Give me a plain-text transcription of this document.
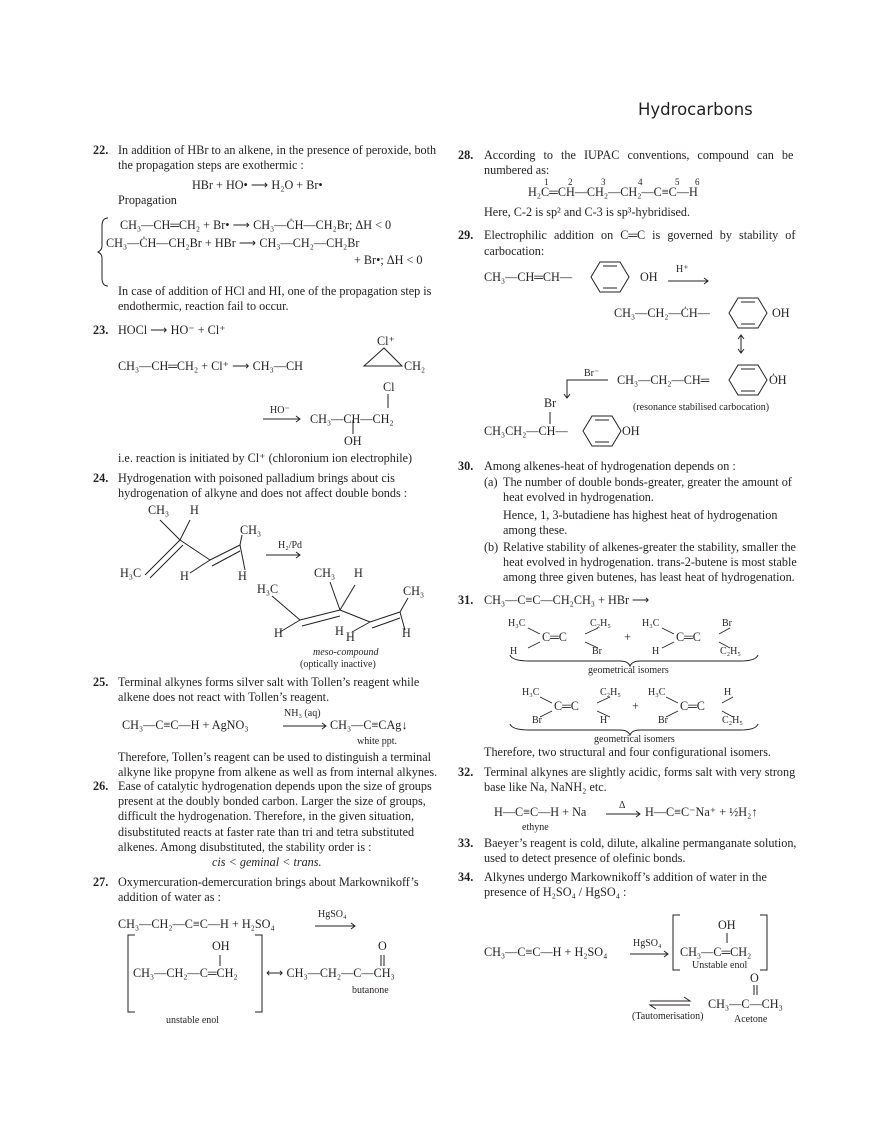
Hydrocarbons
22. In addition of HBr to an alkene, in the presence of peroxide, both
the propagation steps are exothermic :
HBr + HO• ⟶ H₂O + Br•
Propagation
CH₃—CH═CH₂ + Br• ⟶ CH₃—ĊH—CH₂Br; ΔH < 0
CH₃—ĊH—CH₂Br + HBr ⟶ CH₃—CH₂—CH₂Br
+ Br•; ΔH < 0
In case of addition of HCl and HI, one of the propagation step is
endothermic, reaction fail to occur.
23. HOCl ⟶ HO⁻ + Cl⁺
Cl⁺
CH₃—CH═CH₂ + Cl⁺ ⟶ CH₃—CH	CH₂
Cl
HO⁻
CH₃—CH—CH₂
OH
i.e. reaction is initiated by Cl⁺ (chloronium ion electrophile)
24. Hydrogenation with poisoned palladium brings about cis
hydrogenation of alkyne and does not affect double bonds :
CH₃ H
CH₃
H₂/Pd
H₃C	H	H	CH₃ H
H₃C	CH₃
H	H H	H
meso-compound
(optically inactive)
25. Terminal alkynes forms silver salt with Tollen’s reagent while
alkene does not react with Tollen’s reagent.
CH₃—C≡C—H + AgNO₃
NH₃ (aq)
CH₃—C≡CAg↓
white ppt.
Therefore, Tollen’s reagent can be used to distinguish a terminal
alkyne like propyne from alkene as well as from internal alkynes.
26. Ease of catalytic hydrogenation depends upon the size of groups
present at the doubly bonded carbon. Larger the size of groups,
difficult the hydrogenation. Therefore, in the given situation,
disubstituted reacts at faster rate than tri and tetra substituted
alkenes. Among disubstituted, the stability order is :
cis < geminal < trans.
27. Oxymercuration-demercuration brings about Markownikoff’s
addition of water as :
CH₃—CH₂—C≡C—H + H₂SO₄
HgSO₄
OH	O
CH₃—CH₂—C═CH₂ ⟷ CH₃—CH₂—C—CH₃
butanone
unstable enol
28. According to the IUPAC conventions, compound can be
numbered as:
1 2	3	4	5 6
H₂C═CH—CH₂—CH₂—C≡C—H
Here, C-2 is sp² and C-3 is sp³-hybridised.
29. Electrophilic addition on C═C is governed by stability of
carbocation:
CH₃—CH═CH—	OH
H⁺
CH₃—CH₂—ĊH—	OH
Br⁻ CH₃—CH₂—CH═	ȮH
(resonance stabilised carbocation)
Br
CH₃CH₂—CH—	OH
30. Among alkenes-heat of hydrogenation depends on :
(a) The number of double bonds-greater, greater the amount of
heat evolved in hydrogenation.
Hence, 1, 3-butadiene has highest heat of hydrogenation
among these.
(b) Relative stability of alkenes-greater the stability, smaller the
heat evolved in hydrogenation. trans-2-butene is most stable
among three given butenes, has least heat of hydrogenation.
31. CH₃—C≡C—CH₂CH₃ + HBr ⟶
H₃C	C₂H₅
C═C
H	Br
+
H₃C	Br
C═C
H	C₂H₅
geometrical isomers
H₃C	C₂H₅
C═C
Br	H
+
H₃C	H
C═C
Br	C₂H₅
geometrical isomers
Therefore, two structural and four configurational isomers.
32. Terminal alkynes are slightly acidic, forms salt with very strong
base like Na, NaNH₂ etc.
H—C≡C—H + Na	Δ H—C≡C⁻Na⁺ + ½H₂↑
ethyne
33. Baeyer’s reagent is cold, dilute, alkaline permanganate solution,
used to detect presence of olefinic bonds.
34. Alkynes undergo Markownikoff’s addition of water in the
presence of H₂SO₄ / HgSO₄ :
CH₃—C≡C—H + H₂SO₄
HgSO₄
OH
CH₃—C═CH₂
Unstable enol
O
CH₃—C—CH₃
(Tautomerisation)	Acetone
